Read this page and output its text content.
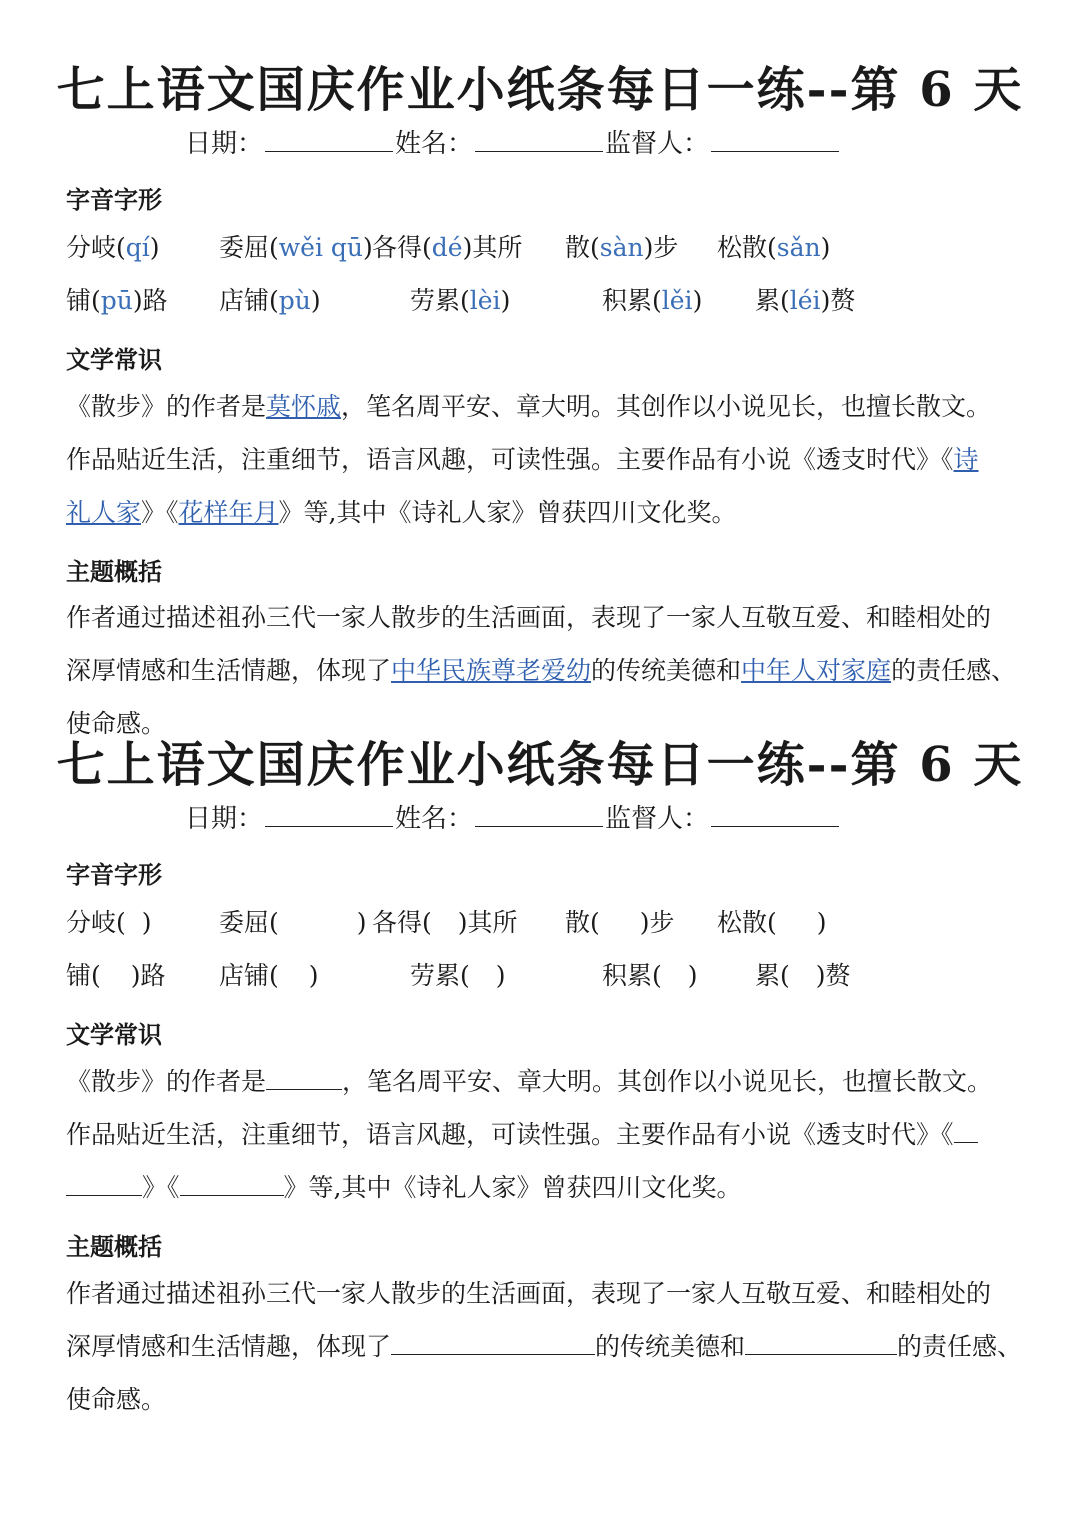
七上语文国庆作业小纸条每日一练--第 6 天
日期：	姓名：	监督人：
字音字形
分岐(qí) 委屈(wěi qū) 各得(dé)其所 散(sàn)步 松散(sǎn)
铺(pū)路 店铺(pù)	劳累(lèi)	积累(lěi) 累(léi)赘
文学常识
《散步》的作者是莫怀戚，笔名周平安、章大明。其创作以小说见长，也擅长散文。
作品贴近生活，注重细节，语言风趣，可读性强。主要作品有小说《透支时代》《诗
礼人家》《花样年月》等,其中《诗礼人家》曾获四川文化奖。
主题概括
作者通过描述祖孙三代一家人散步的生活画面，表现了一家人互敬互爱、和睦相处的
深厚情感和生活情趣，体现了中华民族尊老爱幼的传统美德和中年人对家庭的责任感、
使命感。
七上语文国庆作业小纸条每日一练--第 6 天
日期：	姓名：	监督人：
字音字形
分岐( )	委屈(	) 各得( )其所 散( )步 松散( )
铺( )路 店铺( )	劳累( )	积累( ) 累( )赘
文学常识
《散步》的作者是	，笔名周平安、章大明。其创作以小说见长，也擅长散文。
作品贴近生活，注重细节，语言风趣，可读性强。主要作品有小说《透支时代》《
》《	》等,其中《诗礼人家》曾获四川文化奖。
主题概括
作者通过描述祖孙三代一家人散步的生活画面，表现了一家人互敬互爱、和睦相处的
深厚情感和生活情趣，体现了	的传统美德和	的责任感、
使命感。
